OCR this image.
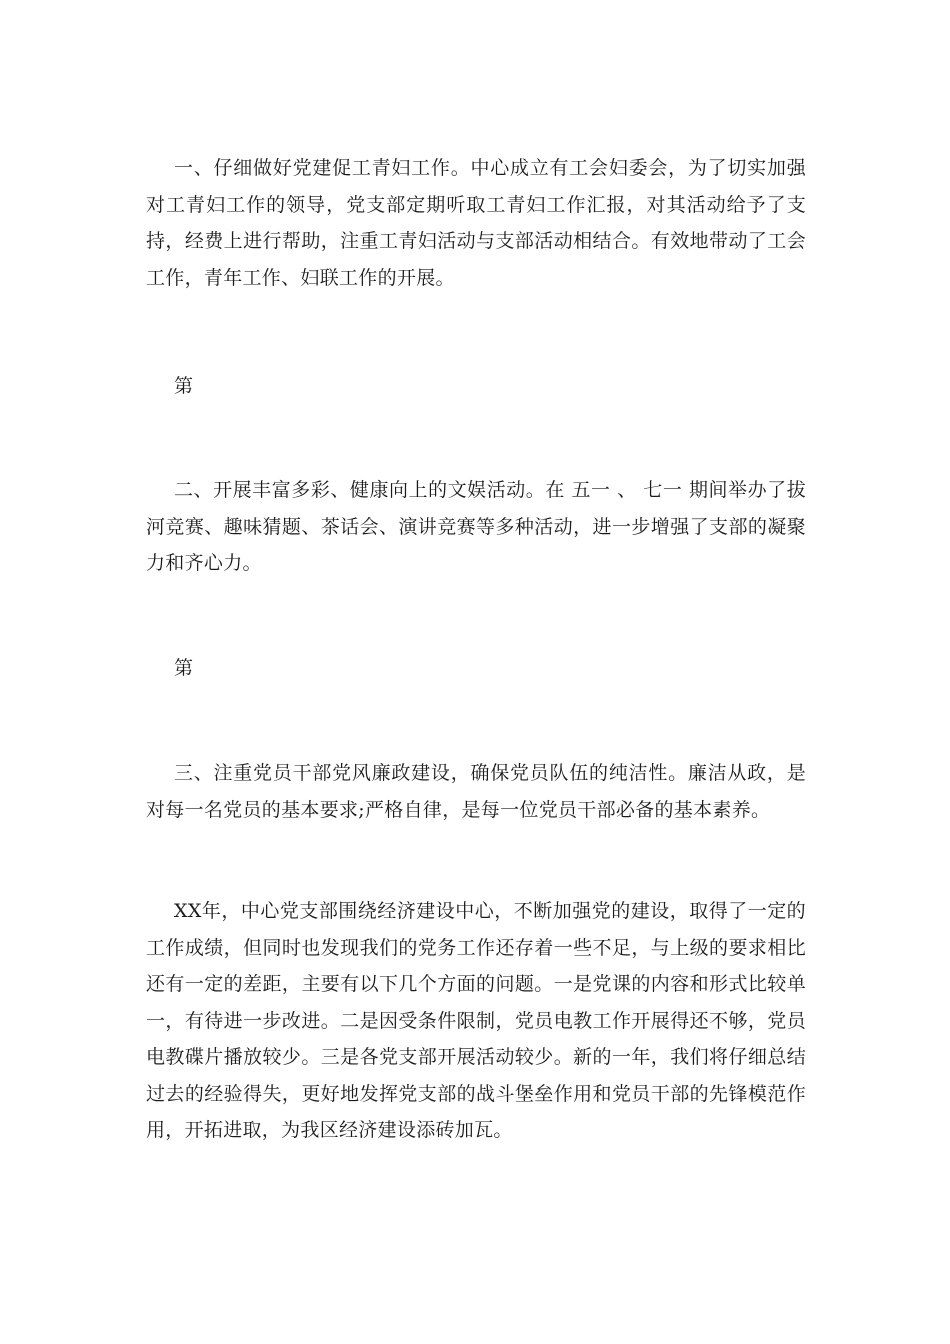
一、仔细做好党建促工青妇工作。中心成立有工会妇委会，为了切实加强对工青妇工作的领导，党支部定期听取工青妇工作汇报，对其活动给予了支持，经费上进行帮助，注重工青妇活动与支部活动相结合。有效地带动了工会工作，青年工作、妇联工作的开展。

第

二、开展丰富多彩、健康向上的文娱活动。在 五一 、 七一 期间举办了拔河竞赛、趣味猜题、茶话会、演讲竞赛等多种活动，进一步增强了支部的凝聚力和齐心力。

第

三、注重党员干部党风廉政建设，确保党员队伍的纯洁性。廉洁从政，是对每一名党员的基本要求;严格自律，是每一位党员干部必备的基本素养。

XX年，中心党支部围绕经济建设中心，不断加强党的建设，取得了一定的工作成绩，但同时也发现我们的党务工作还存着一些不足，与上级的要求相比还有一定的差距，主要有以下几个方面的问题。一是党课的内容和形式比较单一，有待进一步改进。二是因受条件限制，党员电教工作开展得还不够，党员电教碟片播放较少。三是各党支部开展活动较少。新的一年，我们将仔细总结过去的经验得失，更好地发挥党支部的战斗堡垒作用和党员干部的先锋模范作用，开拓进取，为我区经济建设添砖加瓦。
